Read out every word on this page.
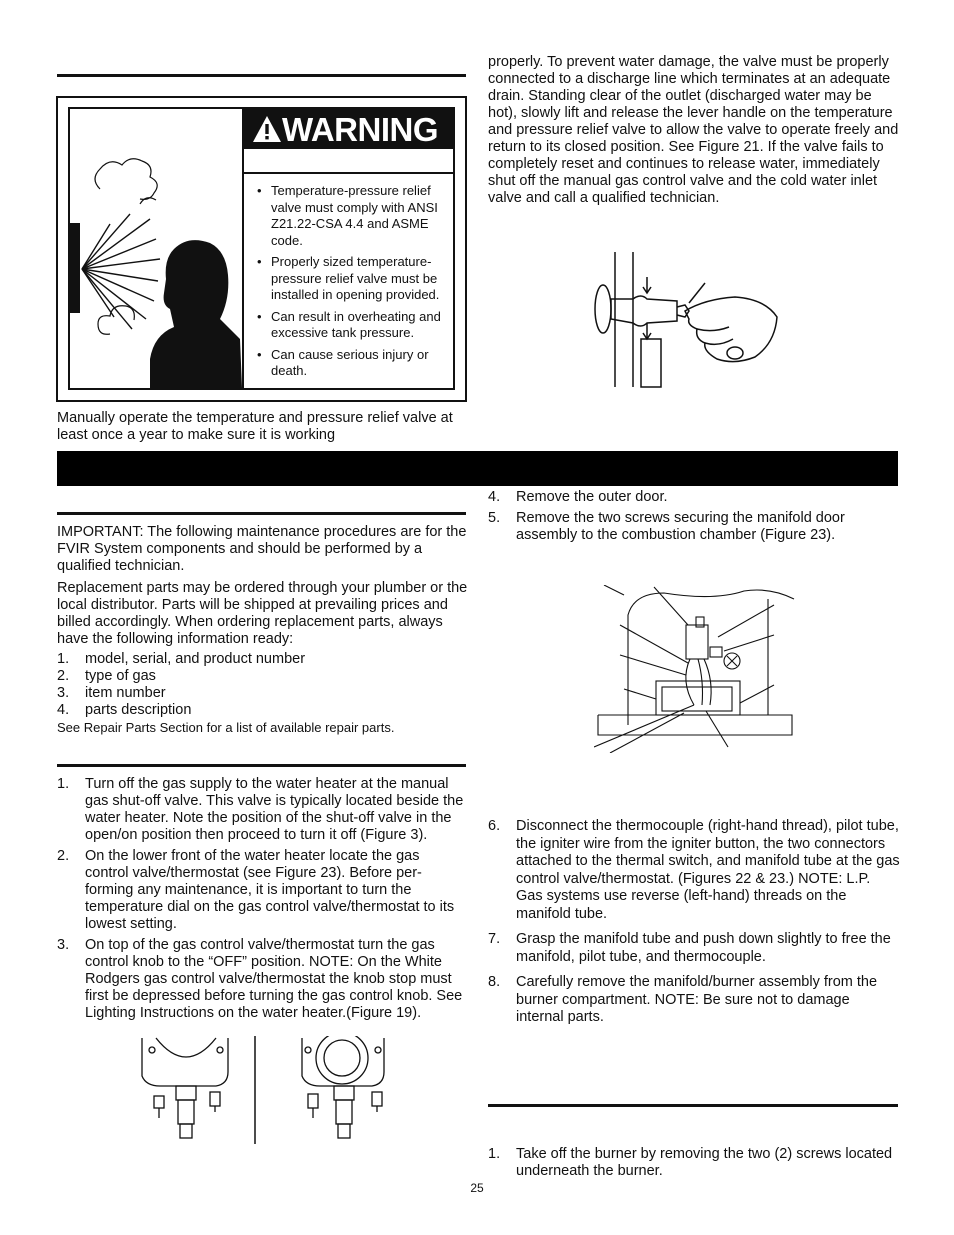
WARNING
• Temperature-pressure relief valve must comply with ANSI Z21.22-CSA 4.4 and ASME code.
• Properly sized temperature-pressure relief valve must be installed in opening provided.
• Can result in overheating and excessive tank pressure.
• Can cause serious injury or death.

Manually operate the temperature and pressure relief valve at least once a year to make sure it is working

properly. To prevent water damage, the valve must be properly connected to a discharge line which terminates at an adequate drain. Standing clear of the outlet (discharged water may be hot), slowly lift and release the lever handle on the temperature and pressure relief valve to allow the valve to operate freely and return to its closed position. See Figure 21. If the valve fails to completely reset and continues to release water, immediately shut off the manual gas control valve and the cold water inlet valve and call a qualified technician.

IMPORTANT: The following maintenance procedures are for the FVIR System components and should be performed by a qualified technician.

Replacement parts may be ordered through your plumber or the local distributor. Parts will be shipped at prevailing prices and billed accordingly. When ordering replacement parts, always have the following information ready:

1. model, serial, and product number
2. type of gas
3. item number
4. parts description

See Repair Parts Section for a list of available repair parts.

1. Turn off the gas supply to the water heater at the manual gas shut-off valve. This valve is typically located beside the water heater. Note the position of the shut-off valve in the open/on position then proceed to turn it off (Figure 3).
2. On the lower front of the water heater locate the gas control valve/thermostat (see Figure 23). Before per-forming any maintenance, it is important to turn the temperature dial on the gas control valve/thermostat to its lowest setting.
3. On top of the gas control valve/thermostat turn the gas control knob to the “OFF” position. NOTE: On the White Rodgers gas control valve/thermostat the knob stop must first be depressed before turning the gas control knob. See Lighting Instructions on the water heater.(Figure 19).
4. Remove the outer door.
5. Remove the two screws securing the manifold door assembly to the combustion chamber (Figure 23).
6. Disconnect the thermocouple (right-hand thread), pilot tube, the igniter wire from the igniter button, the two connectors attached to the thermal switch, and manifold tube at the gas control valve/thermostat. (Figures 22 & 23.) NOTE: L.P. Gas systems use reverse (left-hand) threads on the manifold tube.
7. Grasp the manifold tube and push down slightly to free the manifold, pilot tube, and thermocouple.
8. Carefully remove the manifold/burner assembly from the burner compartment. NOTE: Be sure not to damage internal parts.
1. Take off the burner by removing the two (2) screws located underneath the burner.
25
